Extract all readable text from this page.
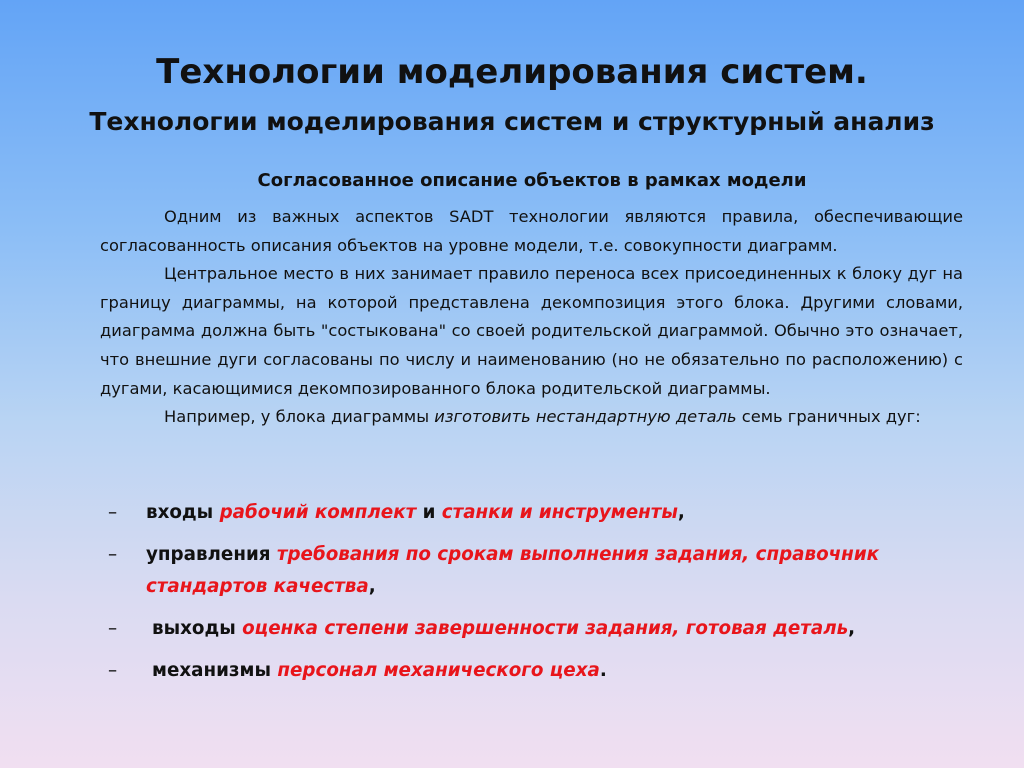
Технологии моделирования систем.
Технологии моделирования систем и структурный анализ
Согласованное описание объектов в рамках модели

Одним из важных аспектов SADT технологии являются правила, обеспечивающие согласованность описания объектов на уровне модели, т.е. совокупности диаграмм.

Центральное место в них занимает правило переноса всех присоединенных к блоку дуг на границу диаграммы, на которой представлена декомпозиция этого блока. Другими словами, диаграмма должна быть "состыкована" со своей родительской диаграммой. Обычно это означает, что внешние дуги согласованы по числу и наименованию (но не обязательно по расположению) с дугами, касающимися декомпозированного блока родительской диаграммы.

Например, у блока диаграммы изготовить нестандартную деталь семь граничных дуг:

– входы рабочий комплект и станки и инструменты,
– управления требования по срокам выполнения задания, справочник стандартов качества,
– выходы оценка степени завершенности задания, готовая деталь,
– механизмы персонал механического цеха.
